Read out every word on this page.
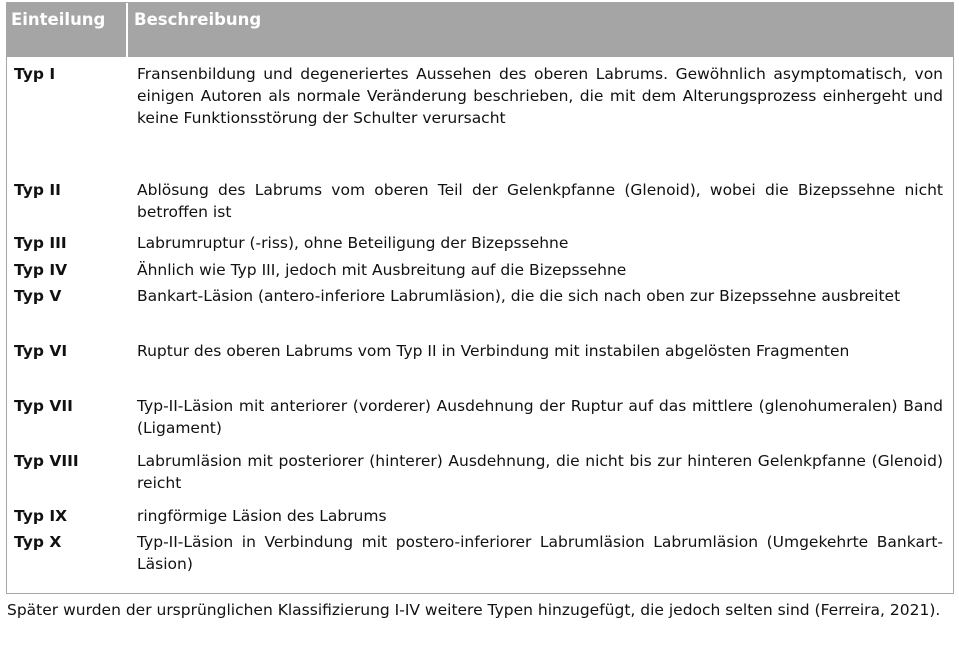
Einteilung Beschreibung
Typ I	Fransenbildung und degeneriertes Aussehen des oberen Labrums. Gewöhnlich asymptomatisch, von einigen Autoren als normale Veränderung beschrieben, die mit dem Alterungsprozess einhergeht und keine Funktionsstörung der Schulter verursacht
Typ II	Ablösung des Labrums vom oberen Teil der Gelenkpfanne (Glenoid), wobei die Bizepssehne nicht betroffen ist
Typ III	Labrumruptur (-riss), ohne Beteiligung der Bizepssehne
Typ IV	Ähnlich wie Typ III, jedoch mit Ausbreitung auf die Bizepssehne
Typ V	Bankart-Läsion (antero-inferiore Labrumläsion), die die sich nach oben zur Bizepssehne ausbreitet
Typ VI	Ruptur des oberen Labrums vom Typ II in Verbindung mit instabilen abgelösten Fragmenten
Typ VII	Typ-II-Läsion mit anteriorer (vorderer) Ausdehnung der Ruptur auf das mittlere (glenohumeralen) Band (Ligament)
Typ VIII	Labrumläsion mit posteriorer (hinterer) Ausdehnung, die nicht bis zur hinteren Gelenkpfanne (Glenoid) reicht
Typ IX	ringförmige Läsion des Labrums
Typ X	Typ-II-Läsion in Verbindung mit postero-inferiorer Labrumläsion Labrumläsion (Umgekehrte Bankart-Läsion)
Später wurden der ursprünglichen Klassifizierung I-IV weitere Typen hinzugefügt, die jedoch selten sind (Ferreira, 2021).
